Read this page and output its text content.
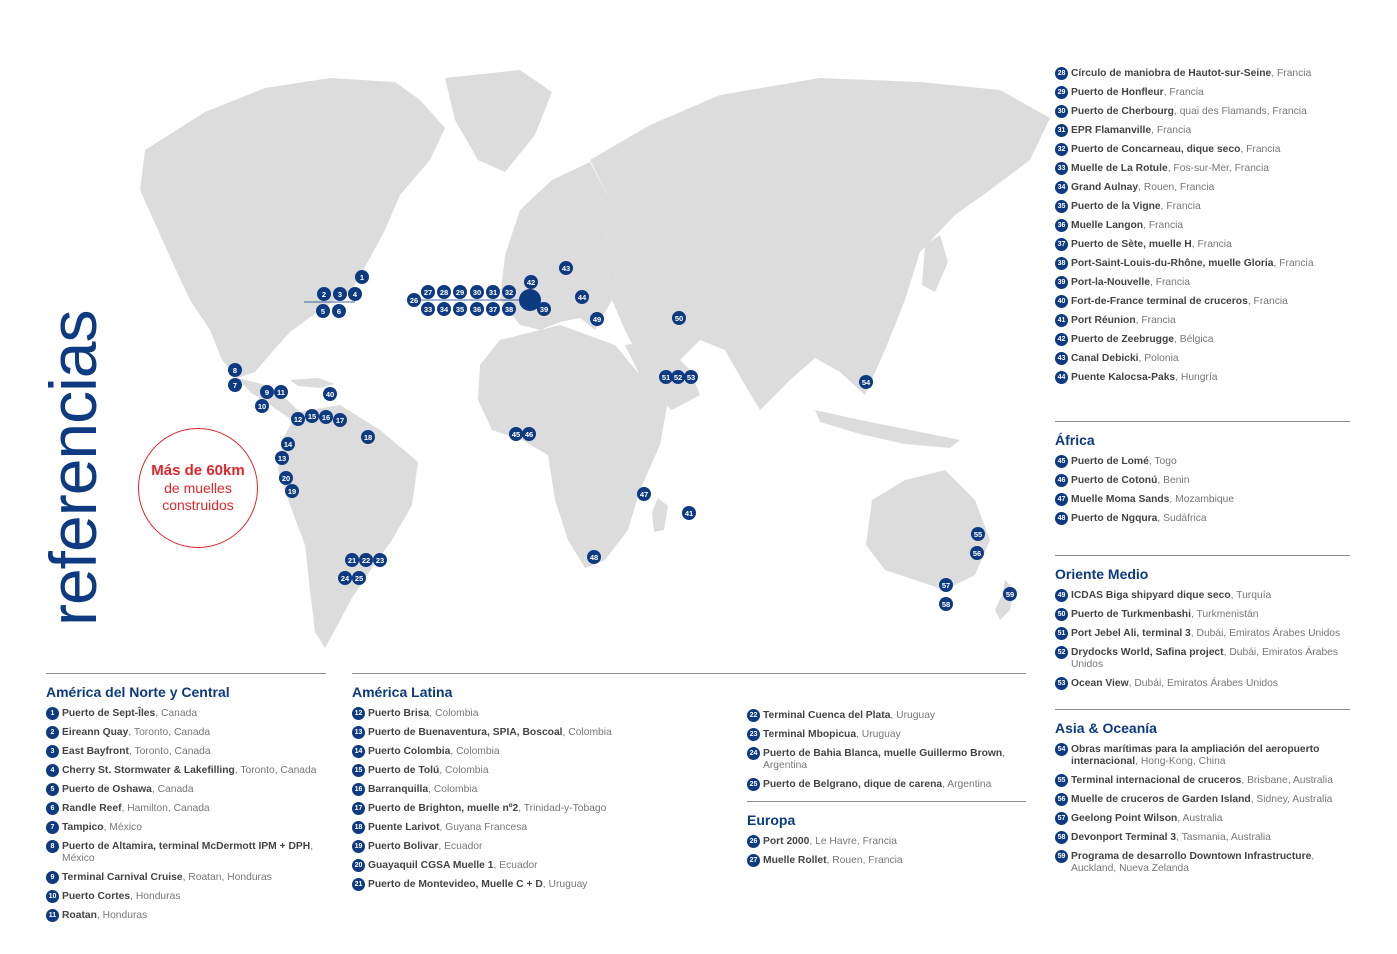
1
2 3 4
5 6
7
8
9
10
11
12
13
14
15 16 17
18
19
20
21 22 23
24 25
26
27 28 29 30 31 32
33 34 35 36 37 38	39
40
41
42
43
44
45 46
47
48
49	50
51 52 53
54
55
56
57
58
59
referencias	Más de 60km
de muelles
construidos
América del Norte y Central
1 Puerto de Sept-Îles, Canada
2 Eireann Quay, Toronto, Canada
3 East Bayfront, Toronto, Canada
4 Cherry St. Stormwater & Lakefilling, Toronto, Canada
5 Puerto de Oshawa, Canada
6 Randle Reef, Hamilton, Canada
7 Tampico, México
8 Puerto de Altamira, terminal McDermott IPM + DPH, México
9 Terminal Carnival Cruise, Roatan, Honduras
10 Puerto Cortes, Honduras
11 Roatan, Honduras
América Latina
12 Puerto Brisa, Colombia
13 Puerto de Buenaventura, SPIA, Boscoal, Colombia
14 Puerto Colombia, Colombia
15 Puerto de Tolú, Colombia
16 Barranquilla, Colombia
17 Puerto de Brighton, muelle nº2, Trinidad-y-Tobago
18 Puente Larivot, Guyana Francesa
19 Puerto Bolivar, Ecuador
20 Guayaquil CGSA Muelle 1, Ecuador
21 Puerto de Montevideo, Muelle C + D, Uruguay
22 Terminal Cuenca del Plata, Uruguay
23 Terminal Mbopicua, Uruguay
24 Puerto de Bahia Blanca, muelle Guillermo Brown, Argentina
25 Puerto de Belgrano, dique de carena, Argentina
Europa
26 Port 2000, Le Havre, Francia
27 Muelle Rollet, Rouen, Francia
28 Círculo de maniobra de Hautot-sur-Seine, Francia
29 Puerto de Honfleur, Francia
30 Puerto de Cherbourg, quai des Flamands, Francia
31 EPR Flamanville, Francia
32 Puerto de Concarneau, dique seco, Francia
33 Muelle de La Rotule, Fos-sur-Mer, Francia
34 Grand Aulnay, Rouen, Francia
35 Puerto de la Vigne, Francia
36 Muelle Langon, Francia
37 Puerto de Sète, muelle H, Francia
38 Port-Saint-Louis-du-Rhône, muelle Gloria, Francia
39 Port-la-Nouvelle, Francia
40 Fort-de-France terminal de cruceros, Francia
41 Port Réunion, Francia
42 Puerto de Zeebrugge, Bélgica
43 Canal Debicki, Polonia
44 Puente Kalocsa-Paks, Hungría
África
45 Puerto de Lomé, Togo
46 Puerto de Cotonú, Benin
47 Muelle Moma Sands, Mozambique
48 Puerto de Ngqura, Sudáfrica
Oriente Medio
49 ICDAS Biga shipyard dique seco, Turquía
50 Puerto de Turkmenbashi, Turkmenistán
51 Port Jebel Ali, terminal 3, Dubái, Emiratos Árabes Unidos
52 Drydocks World, Safina project, Dubái, Emiratos Árabes Unidos
53 Ocean View, Dubái, Emiratos Árabes Unidos
Asia & Oceanía
54 Obras marítimas para la ampliación del aeropuerto internacional, Hong-Kong, China
55 Terminal internacional de cruceros, Brisbane, Australia
56 Muelle de cruceros de Garden Island, Sidney, Australia
57 Geelong Point Wilson, Australia
58 Devonport Terminal 3, Tasmania, Australia
59 Programa de desarrollo Downtown Infrastructure, Auckland, Nueva Zelanda
